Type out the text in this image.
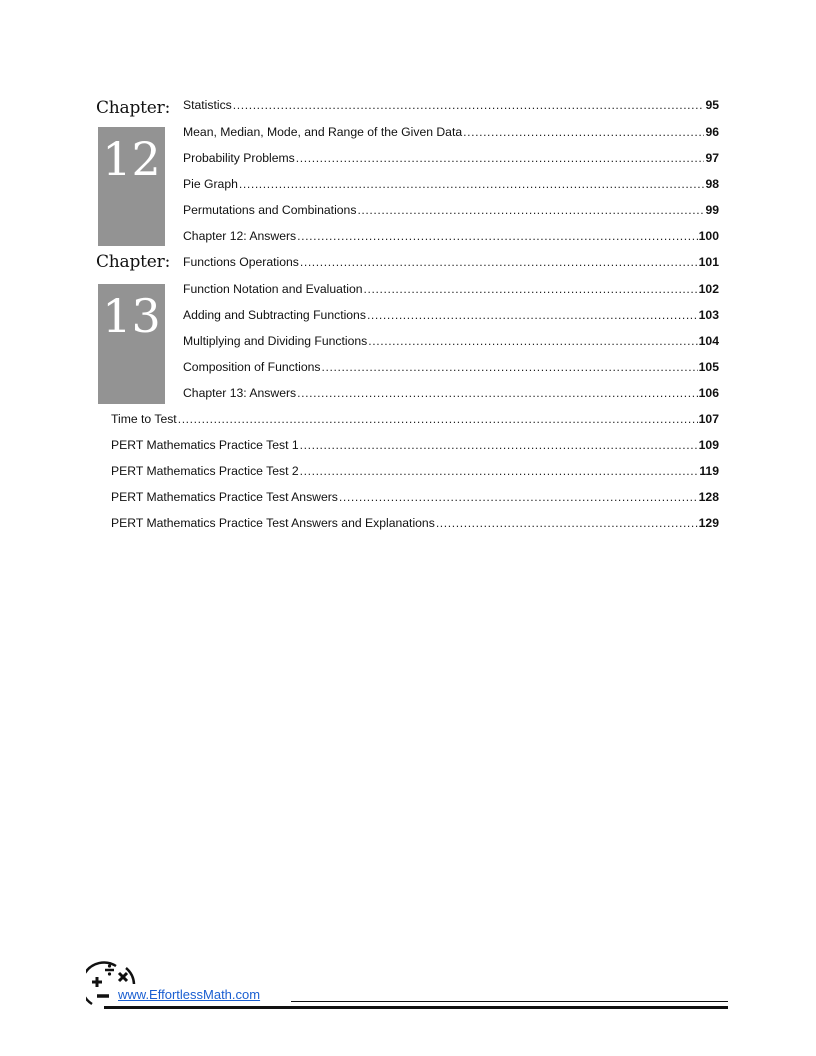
Chapter:
12
Statistics .....	95
Mean, Median, Mode, and Range of the Given Data .....	96
Probability Problems .....	97
Pie Graph .....	98
Permutations and Combinations .....	99
Chapter 12: Answers .....	100
Chapter:
13
Functions Operations .....	101
Function Notation and Evaluation .....	102
Adding and Subtracting Functions .....	103
Multiplying and Dividing Functions .....	104
Composition of Functions .....	105
Chapter 13: Answers .....	106
Time to Test .....	107
PERT Mathematics Practice Test 1 .....	109
PERT Mathematics Practice Test 2 .....	119
PERT Mathematics Practice Test Answers .....	128
PERT Mathematics Practice Test Answers and Explanations .....	129
www.EffortlessMath.com
